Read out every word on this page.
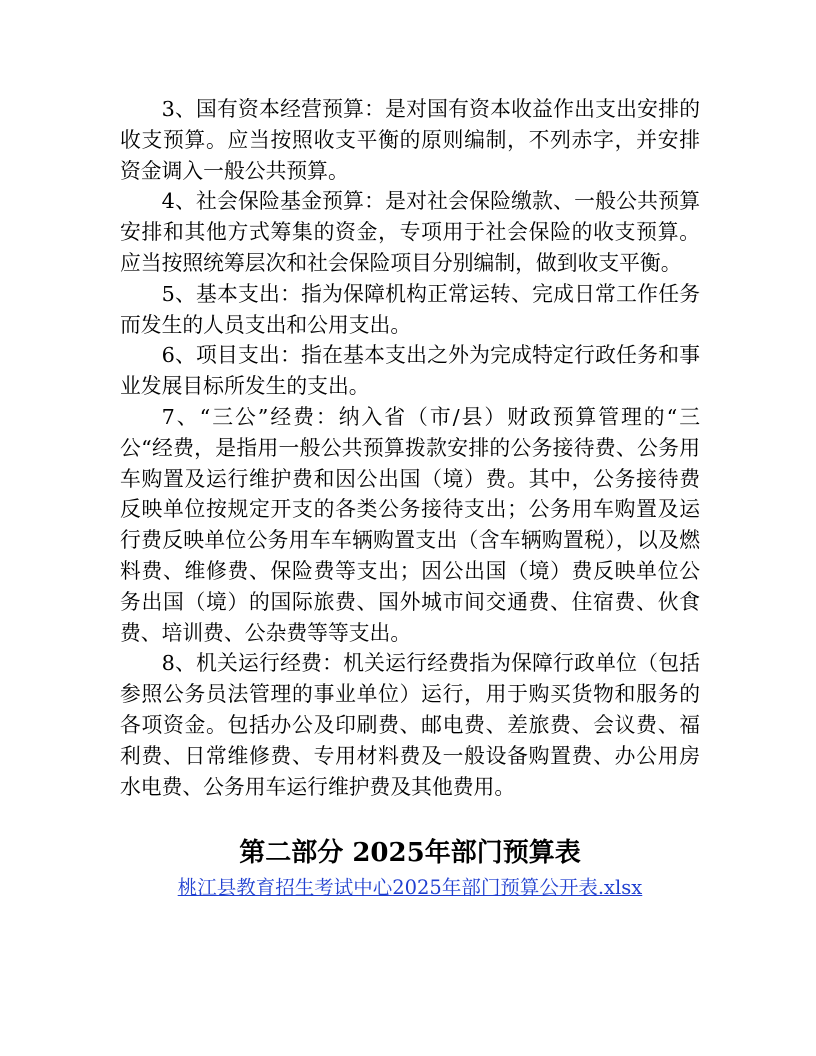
3、国有资本经营预算：是对国有资本收益作出支出安排的收支预算。应当按照收支平衡的原则编制，不列赤字，并安排资金调入一般公共预算。

4、社会保险基金预算：是对社会保险缴款、一般公共预算安排和其他方式筹集的资金，专项用于社会保险的收支预算。应当按照统筹层次和社会保险项目分别编制，做到收支平衡。

5、基本支出：指为保障机构正常运转、完成日常工作任务而发生的人员支出和公用支出。

6、项目支出：指在基本支出之外为完成特定行政任务和事业发展目标所发生的支出。

7、“三公”经费：纳入省（市/县）财政预算管理的“三公“经费，是指用一般公共预算拨款安排的公务接待费、公务用车购置及运行维护费和因公出国（境）费。其中，公务接待费反映单位按规定开支的各类公务接待支出；公务用车购置及运行费反映单位公务用车车辆购置支出（含车辆购置税），以及燃料费、维修费、保险费等支出；因公出国（境）费反映单位公务出国（境）的国际旅费、国外城市间交通费、住宿费、伙食费、培训费、公杂费等等支出。

8、机关运行经费：机关运行经费指为保障行政单位（包括参照公务员法管理的事业单位）运行，用于购买货物和服务的各项资金。包括办公及印刷费、邮电费、差旅费、会议费、福利费、日常维修费、专用材料费及一般设备购置费、办公用房水电费、公务用车运行维护费及其他费用。

第二部分 2025年部门预算表
桃江县教育招生考试中心2025年部门预算公开表.xlsx
